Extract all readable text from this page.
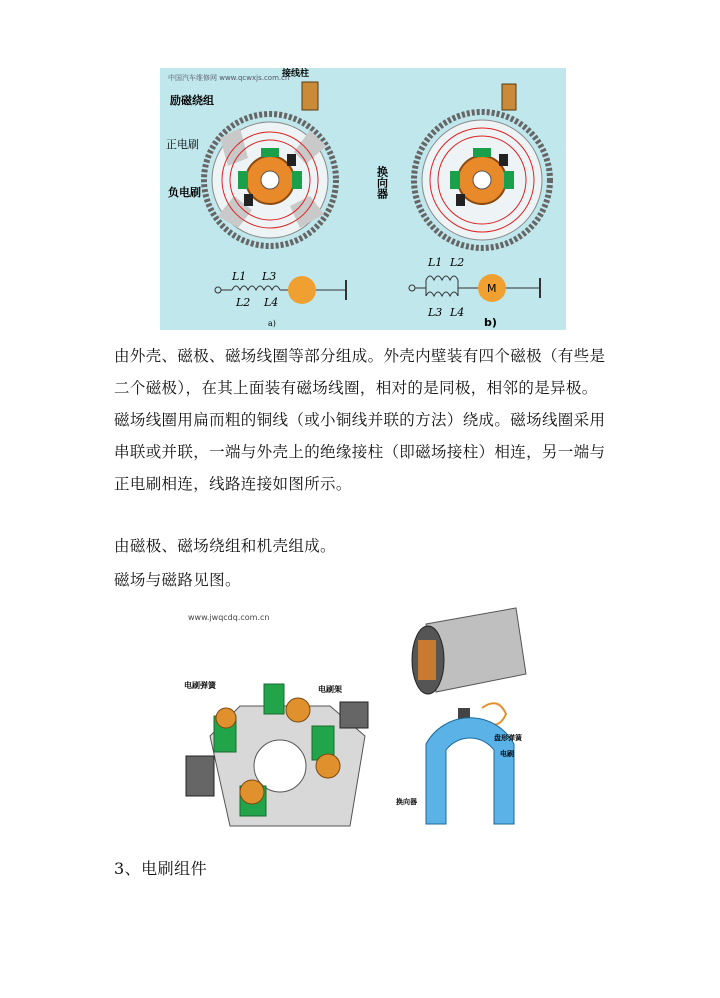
中国汽车维修网 www.qcwxjs.com.cn
励磁绕组
正电刷
负电刷
接线柱
换向器
L1 L3
L2 L4
a)
M
L1 L2
L3 L4
b)
由外壳、磁极、磁场线圈等部分组成。外壳内壁装有四个磁极（有些是二个磁极），在其上面装有磁场线圈，相对的是同极，相邻的是异极。磁场线圈用扁而粗的铜线（或小铜线并联的方法）绕成。磁场线圈采用串联或并联，一端与外壳上的绝缘接柱（即磁场接柱）相连，另一端与正电刷相连，线路连接如图所示。
由磁极、磁场绕组和机壳组成。
磁场与磁路见图。
www.jwqcdq.com.cn
电刷弹簧	电刷架
盘形弹簧
电刷
换向器
3、电刷组件
